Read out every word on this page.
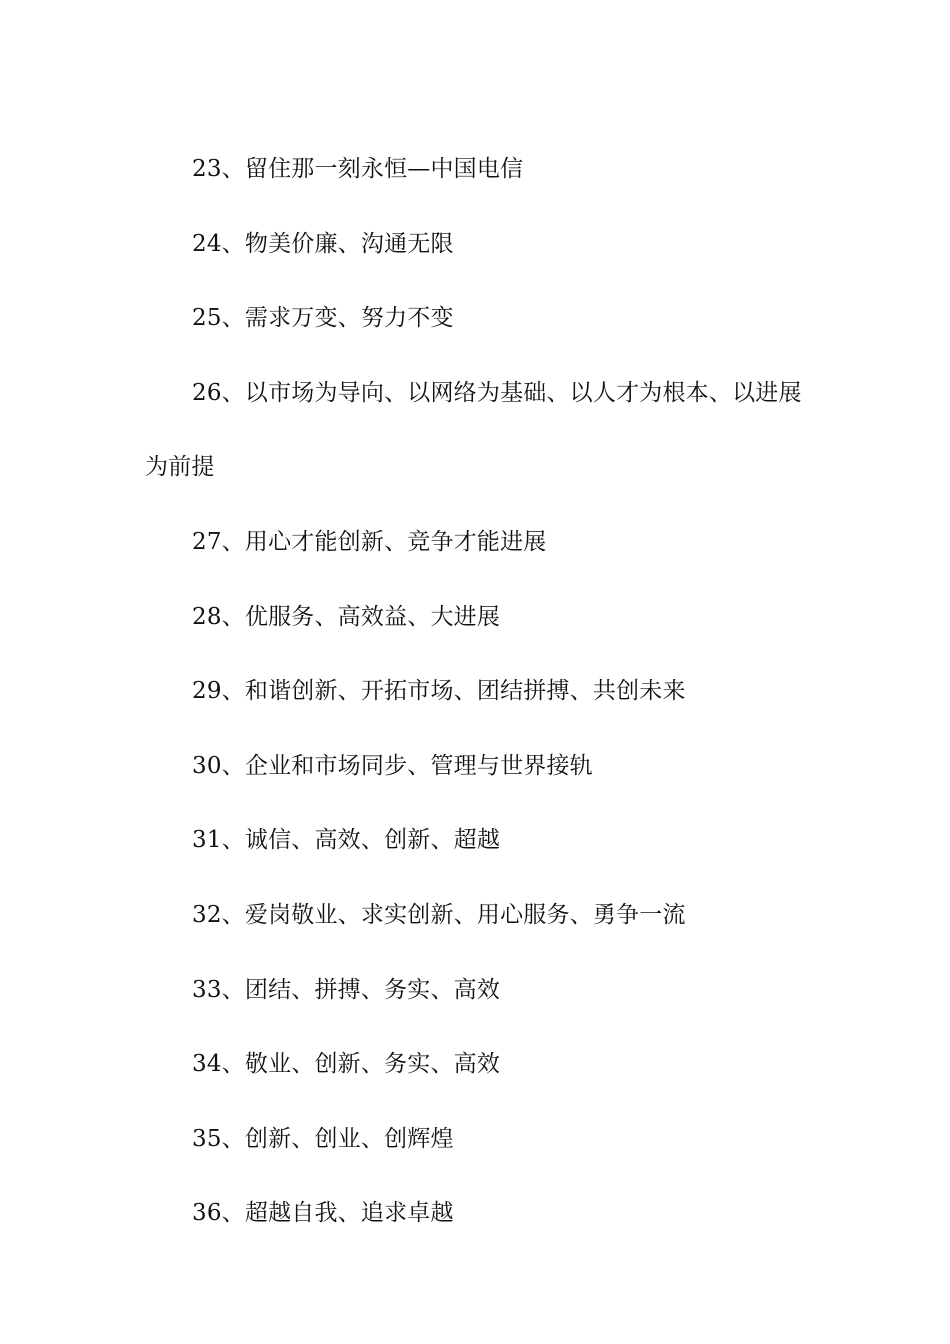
23、留住那一刻永恒—中国电信
24、物美价廉、沟通无限
25、需求万变、努力不变
26、以市场为导向、以网络为基础、以人才为根本、以进展为前提
27、用心才能创新、竞争才能进展
28、优服务、高效益、大进展
29、和谐创新、开拓市场、团结拼搏、共创未来
30、企业和市场同步、管理与世界接轨
31、诚信、高效、创新、超越
32、爱岗敬业、求实创新、用心服务、勇争一流
33、团结、拼搏、务实、高效
34、敬业、创新、务实、高效
35、创新、创业、创辉煌
36、超越自我、追求卓越
